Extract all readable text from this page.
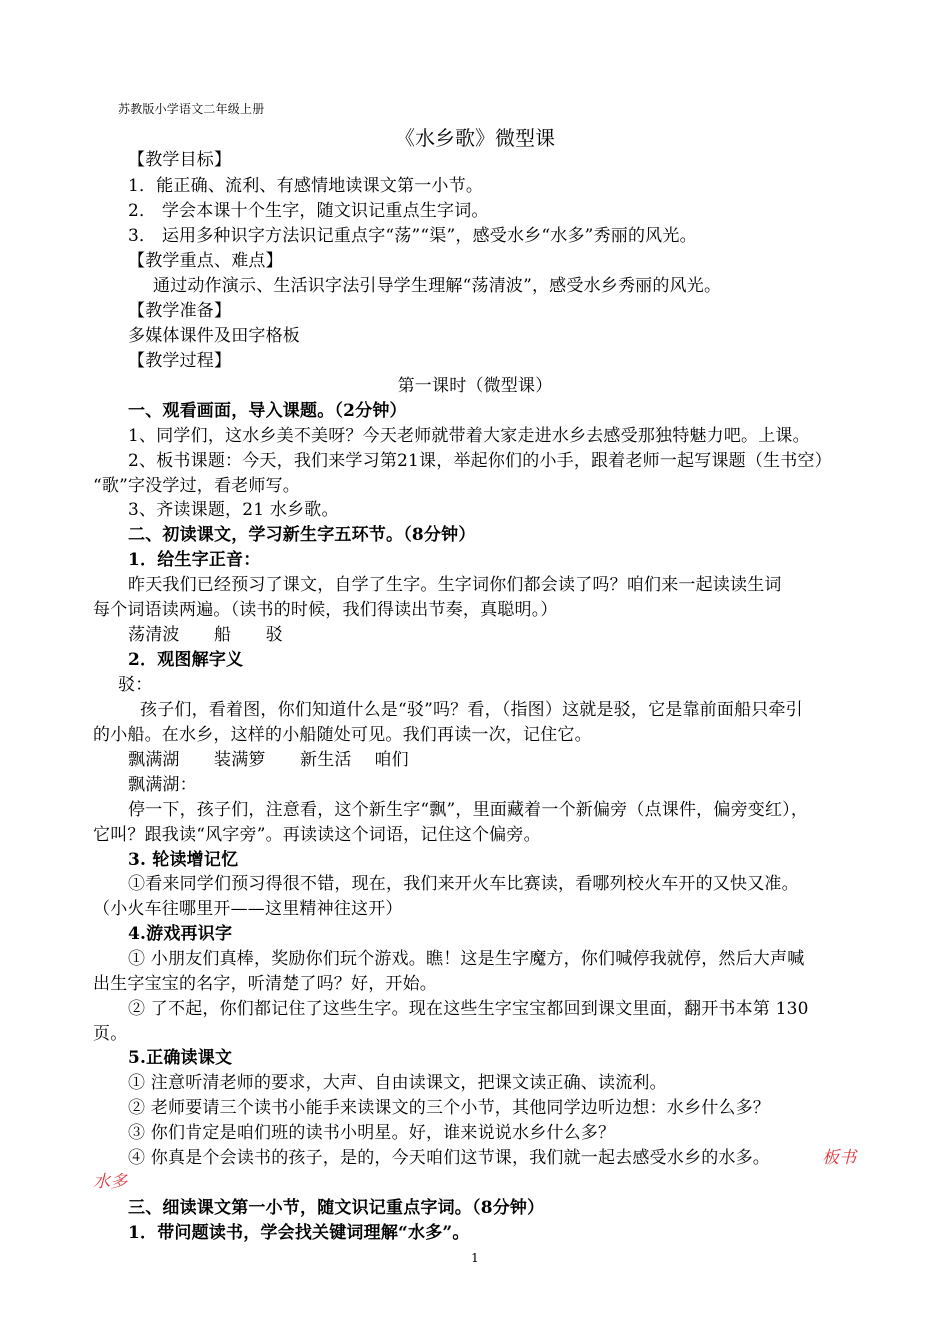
苏教版小学语文二年级上册
《水乡歌》微型课
【教学目标】
1．能正确、流利、有感情地读课文第一小节。
2． 学会本课十个生字，随文识记重点生字词。
3． 运用多种识字方法识记重点字“荡”“渠”，感受水乡“水多”秀丽的风光。
【教学重点、难点】
通过动作演示、生活识字法引导学生理解“荡清波”，感受水乡秀丽的风光。
【教学准备】
多媒体课件及田字格板
【教学过程】
第一课时（微型课）
一、观看画面，导入课题。（2分钟）
1、同学们，这水乡美不美呀？今天老师就带着大家走进水乡去感受那独特魅力吧。上课。
2、板书课题：今天，我们来学习第21课，举起你们的小手，跟着老师一起写课题（生书空）
“歌”字没学过，看老师写。
3、齐读课题，21 水乡歌。
二、初读课文，学习新生字五环节。（8分钟）
1．给生字正音：
昨天我们已经预习了课文，自学了生字。生字词你们都会读了吗？咱们来一起读读生词
每个词语读两遍。（读书的时候，我们得读出节奏，真聪明。）
荡清波　　船　　驳
2．观图解字义
驳：
孩子们，看着图，你们知道什么是“驳”吗？看，（指图）这就是驳，它是靠前面船只牵引
的小船。在水乡，这样的小船随处可见。我们再读一次，记住它。
飘满湖　　装满箩　　新生活　 咱们
飘满湖：
停一下，孩子们，注意看，这个新生字“飘”，里面藏着一个新偏旁（点课件，偏旁变红），
它叫？跟我读“风字旁”。再读读这个词语，记住这个偏旁。
3. 轮读增记忆
①看来同学们预习得很不错，现在，我们来开火车比赛读，看哪列校火车开的又快又准。
（小火车往哪里开——这里精神往这开）
4.游戏再识字
① 小朋友们真棒，奖励你们玩个游戏。瞧！这是生字魔方，你们喊停我就停，然后大声喊
出生字宝宝的名字，听清楚了吗？好，开始。
② 了不起，你们都记住了这些生字。现在这些生字宝宝都回到课文里面，翻开书本第 130
页。
5.正确读课文
① 注意听清老师的要求，大声、自由读课文，把课文读正确、读流利。
② 老师要请三个读书小能手来读课文的三个小节，其他同学边听边想：水乡什么多？
③ 你们肯定是咱们班的读书小明星。好，谁来说说水乡什么多？
④ 你真是个会读书的孩子，是的，今天咱们这节课，我们就一起去感受水乡的水多。	板书
水多
三、细读课文第一小节，随文识记重点字词。（8分钟）
1．带问题读书，学会找关键词理解“水多”。
1
